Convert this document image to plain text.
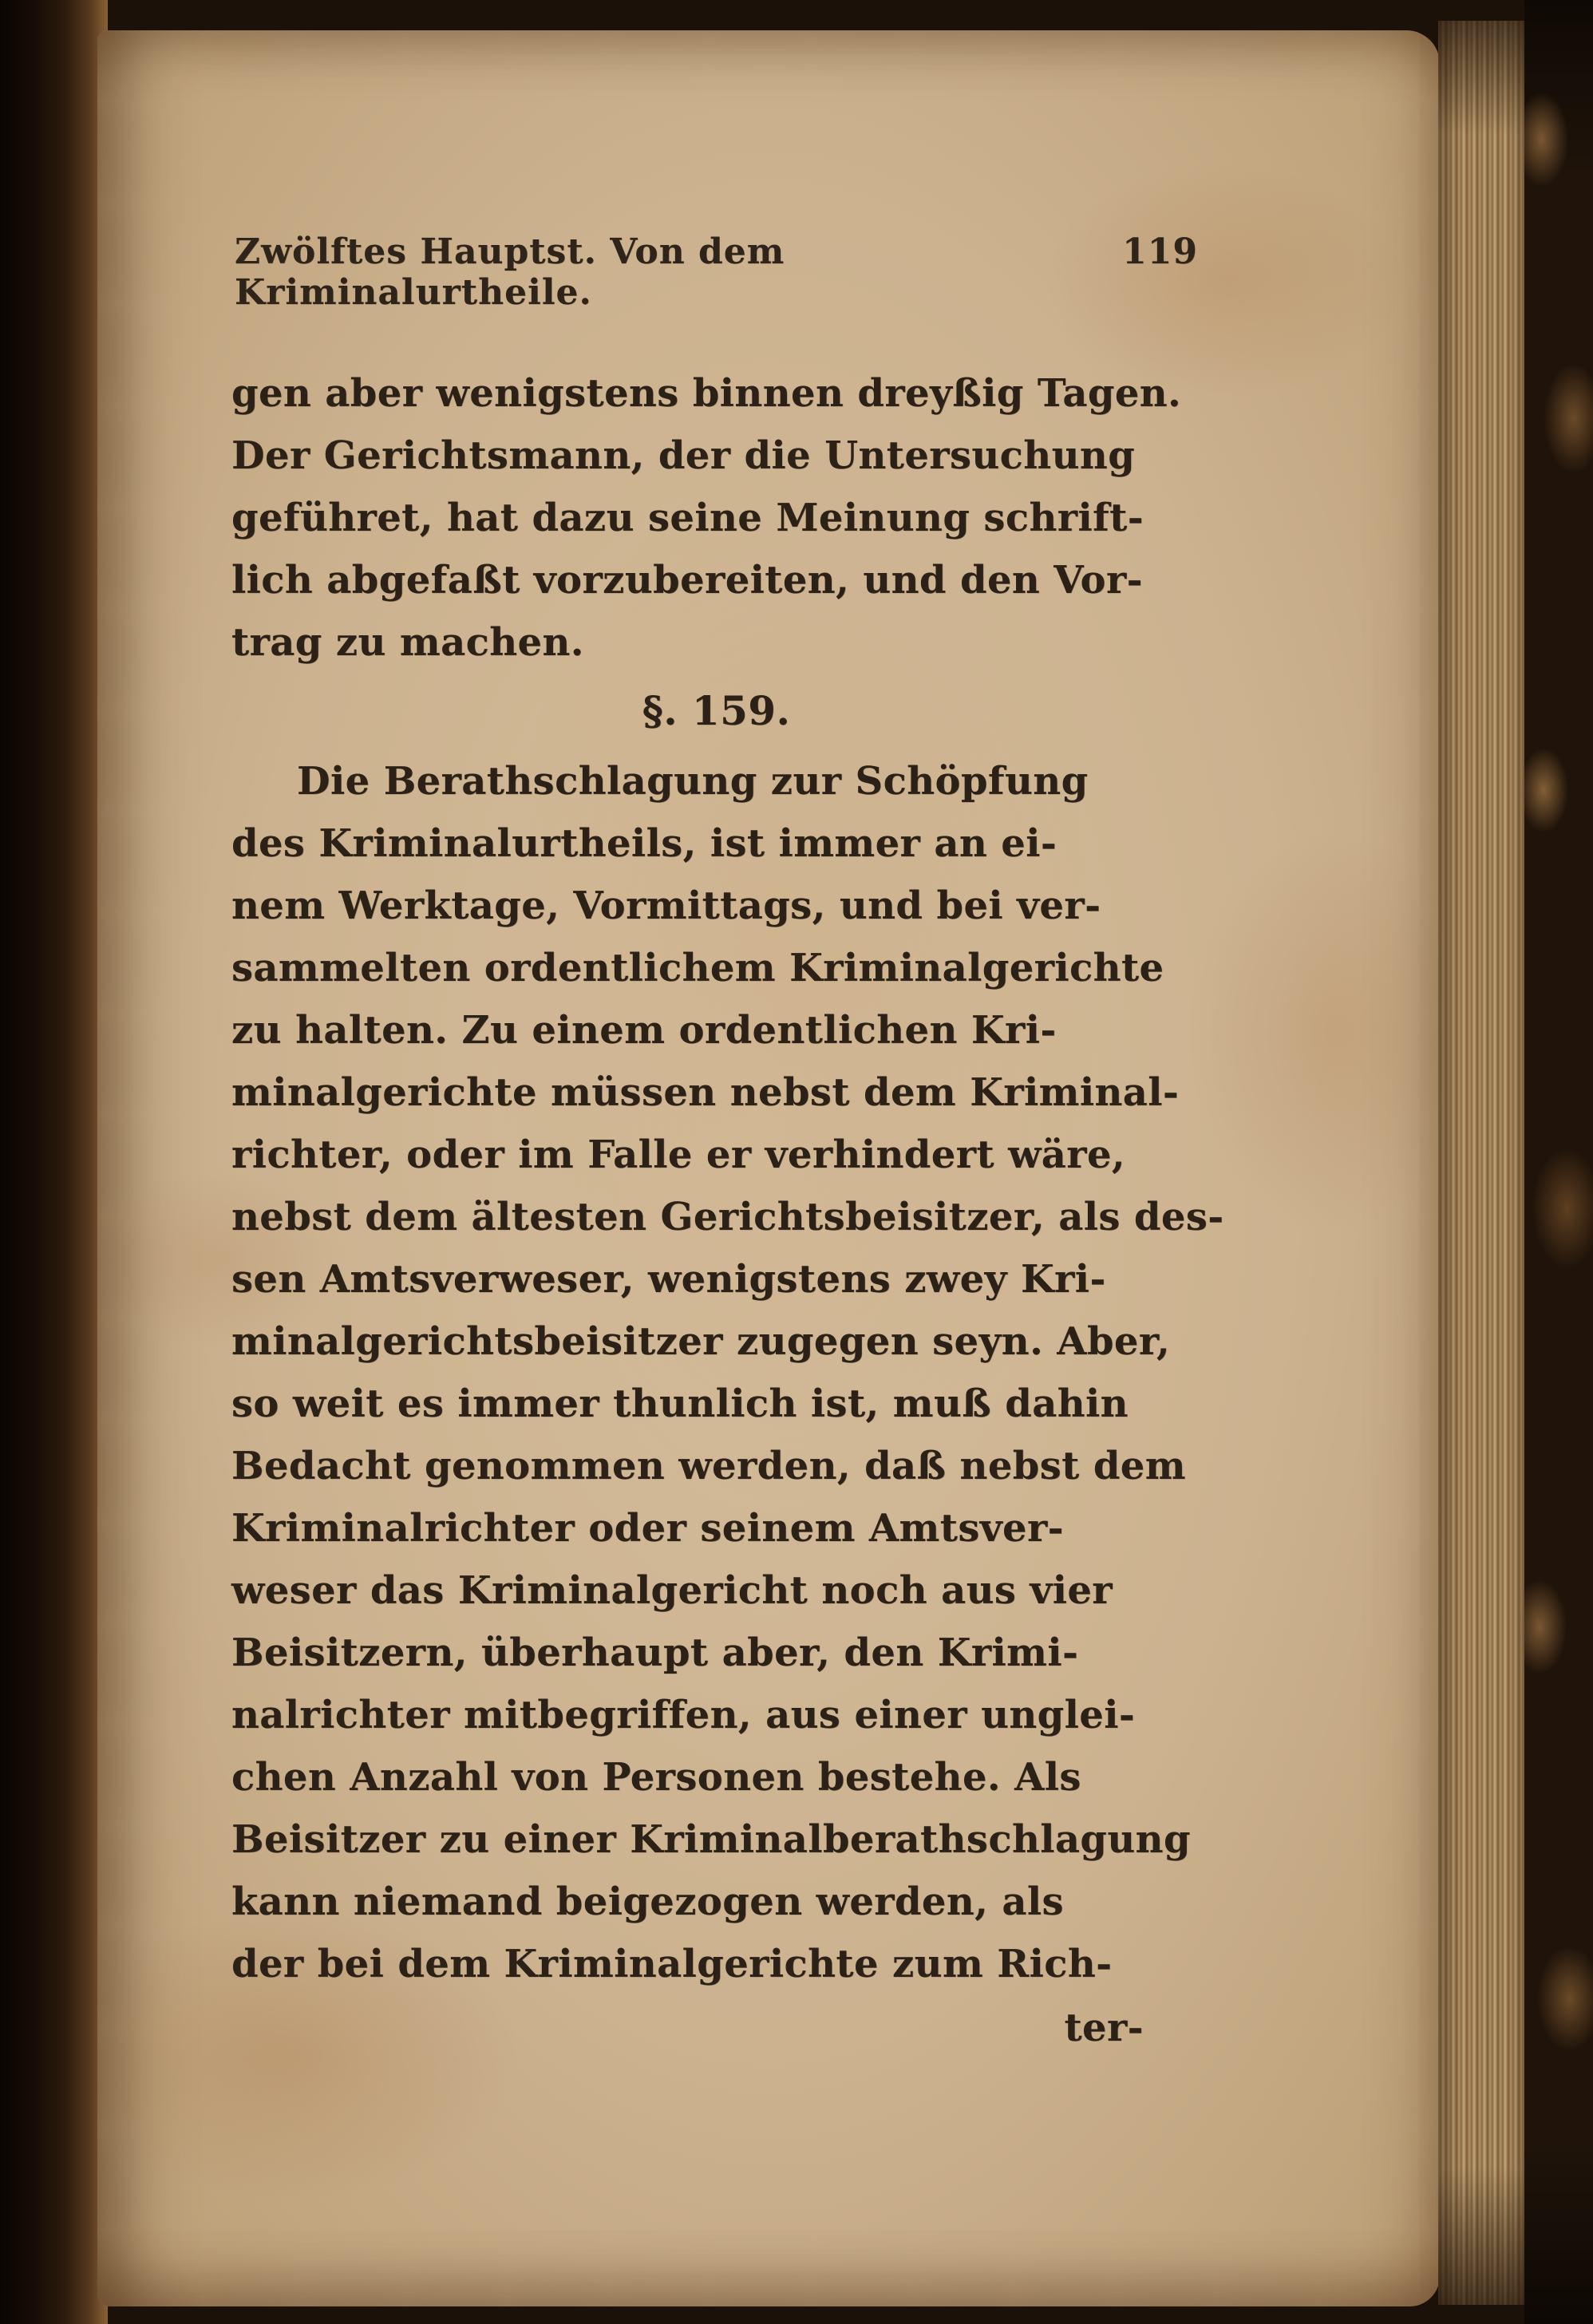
Zwölftes Hauptst. Von dem Kriminalurtheile.
119
gen aber wenigstens binnen dreyßig Tagen.
Der Gerichtsmann, der die Untersuchung
geführet, hat dazu seine Meinung schrift-
lich abgefaßt vorzubereiten, und den Vor-
trag zu machen.
§. 159.
Die Berathschlagung zur Schöpfung
des Kriminalurtheils, ist immer an ei-
nem Werktage, Vormittags, und bei ver-
sammelten ordentlichem Kriminalgerichte
zu halten. Zu einem ordentlichen Kri-
minalgerichte müssen nebst dem Kriminal-
richter, oder im Falle er verhindert wäre,
nebst dem ältesten Gerichtsbeisitzer, als des-
sen Amtsverweser, wenigstens zwey Kri-
minalgerichtsbeisitzer zugegen seyn. Aber,
so weit es immer thunlich ist, muß dahin
Bedacht genommen werden, daß nebst dem
Kriminalrichter oder seinem Amtsver-
weser das Kriminalgericht noch aus vier
Beisitzern, überhaupt aber, den Krimi-
nalrichter mitbegriffen, aus einer unglei-
chen Anzahl von Personen bestehe. Als
Beisitzer zu einer Kriminalberathschlagung
kann niemand beigezogen werden, als
der bei dem Kriminalgerichte zum Rich-
ter-
